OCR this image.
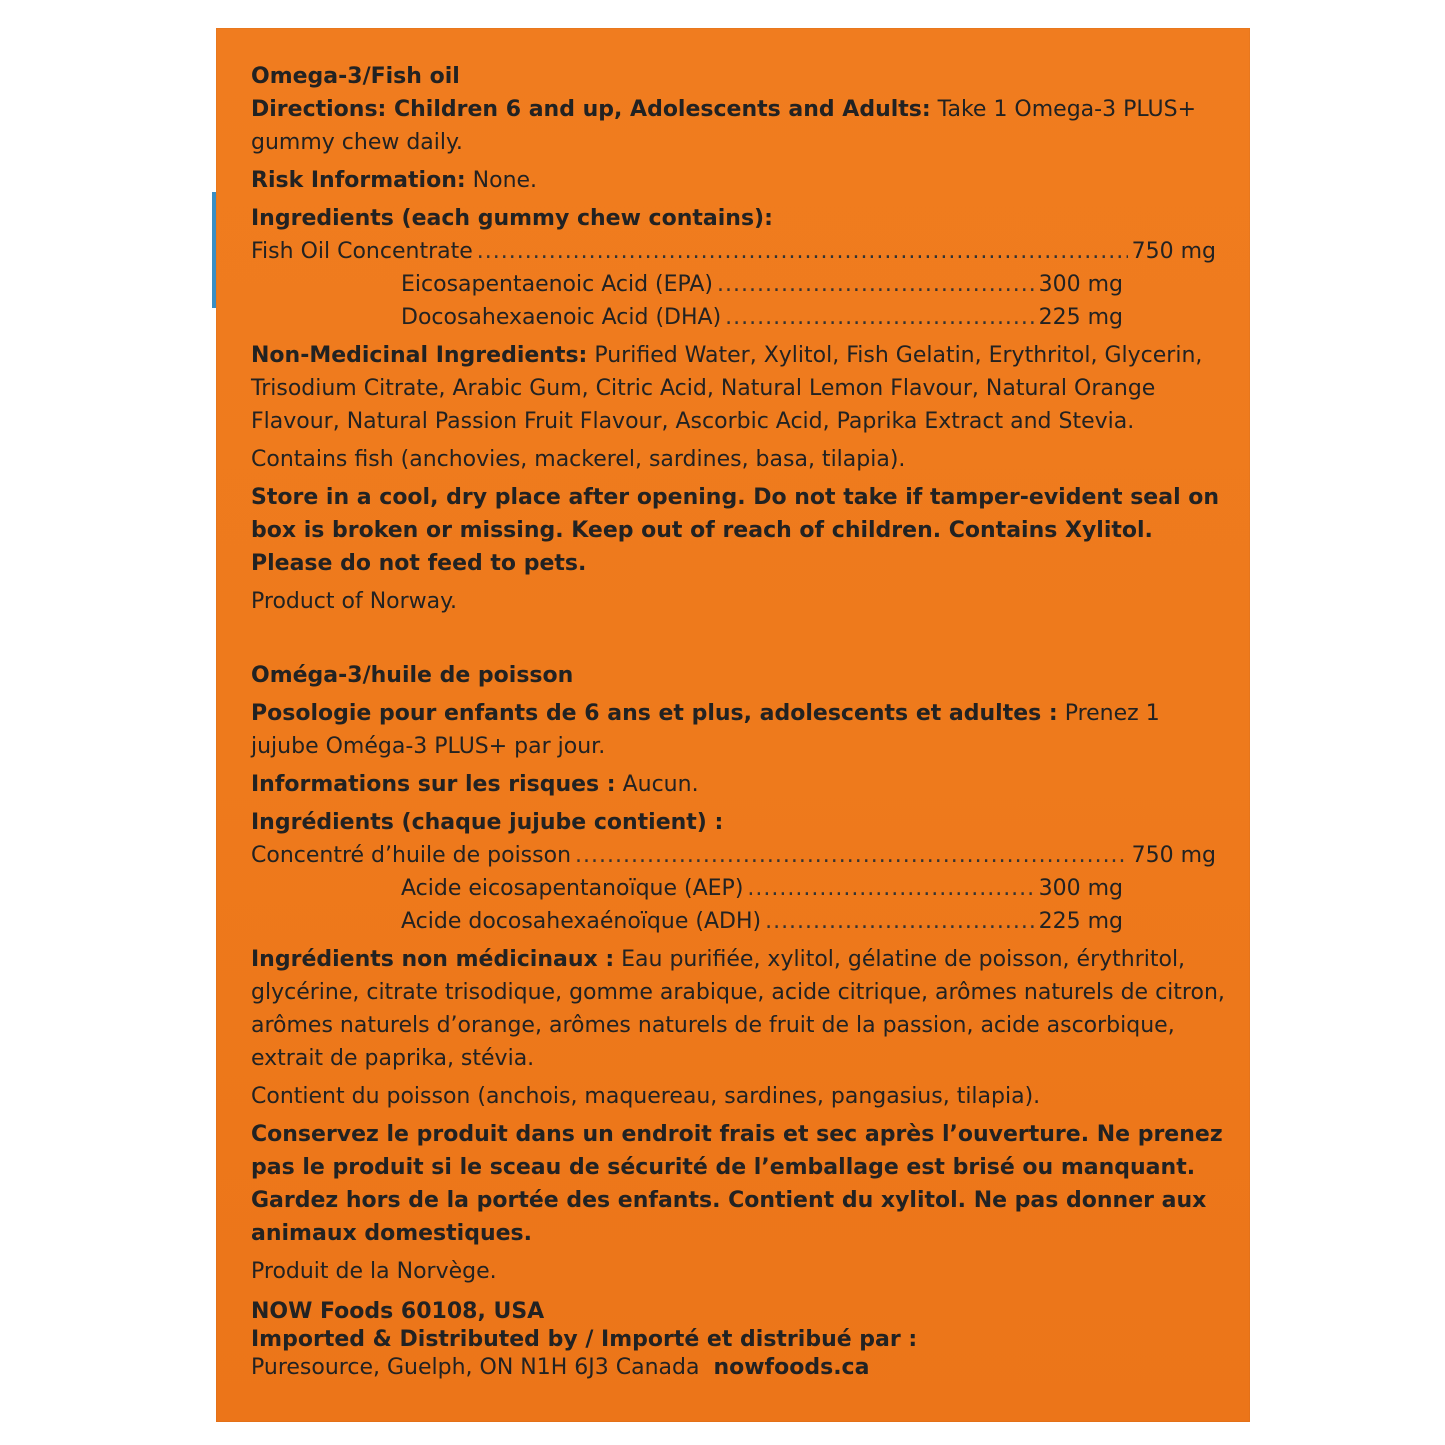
Omega-3/Fish oil

Directions: Children 6 and up, Adolescents and Adults: Take 1 Omega-3 PLUS+ gummy chew daily.

Risk Information: None.

Ingredients (each gummy chew contains):

Fish Oil Concentrate .....	750 mg
Eicosapentaenoic Acid (EPA) .....	300 mg
Docosahexaenoic Acid (DHA) .....	225 mg

Non-Medicinal Ingredients: Purified Water, Xylitol, Fish Gelatin, Erythritol, Glycerin, Trisodium Citrate, Arabic Gum, Citric Acid, Natural Lemon Flavour, Natural Orange Flavour, Natural Passion Fruit Flavour, Ascorbic Acid, Paprika Extract and Stevia.

Contains fish (anchovies, mackerel, sardines, basa, tilapia).

Store in a cool, dry place after opening. Do not take if tamper-evident seal on box is broken or missing. Keep out of reach of children. Contains Xylitol. Please do not feed to pets.

Product of Norway.

Oméga-3/huile de poisson

Posologie pour enfants de 6 ans et plus, adolescents et adultes : Prenez 1 jujube Oméga-3 PLUS+ par jour.

Informations sur les risques : Aucun.

Ingrédients (chaque jujube contient) :

Concentré d’huile de poisson .....	750 mg
Acide eicosapentanoïque (AEP) .....	300 mg
Acide docosahexaénoïque (ADH) .....	225 mg

Ingrédients non médicinaux : Eau purifiée, xylitol, gélatine de poisson, érythritol, glycérine, citrate trisodique, gomme arabique, acide citrique, arômes naturels de citron, arômes naturels d’orange, arômes naturels de fruit de la passion, acide ascorbique, extrait de paprika, stévia.

Contient du poisson (anchois, maquereau, sardines, pangasius, tilapia).

Conservez le produit dans un endroit frais et sec après l’ouverture. Ne prenez pas le produit si le sceau de sécurité de l’emballage est brisé ou manquant. Gardez hors de la portée des enfants. Contient du xylitol. Ne pas donner aux animaux domestiques.

Produit de la Norvège.

NOW Foods 60108, USA

Imported & Distributed by / Importé et distribué par :

Puresource, Guelph, ON N1H 6J3 Canada nowfoods.ca
